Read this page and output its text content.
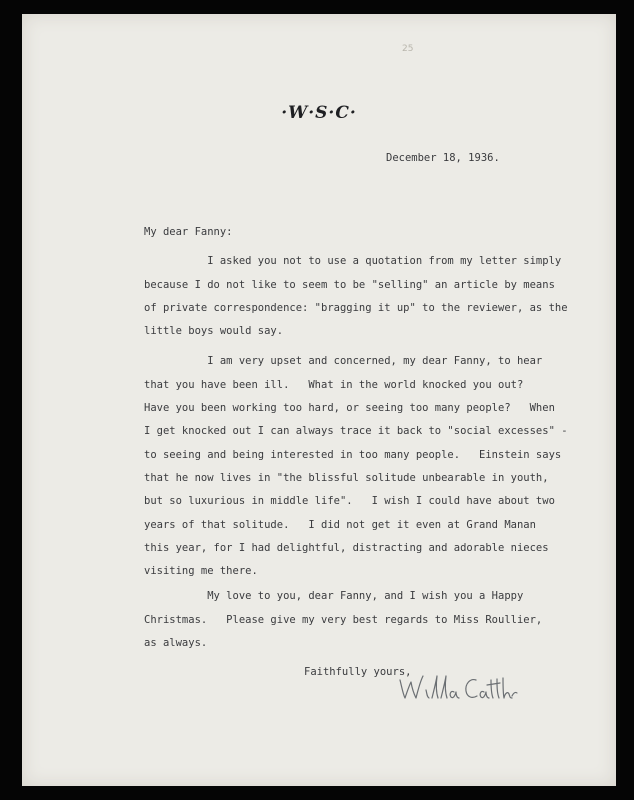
25
·W·S·C·
December 18, 1936.
My dear Fanny:
I asked you not to use a quotation from my letter simply
because I do not like to seem to be "selling" an article by means
of private correspondence: "bragging it up" to the reviewer, as the
little boys would say.
I am very upset and concerned, my dear Fanny, to hear
that you have been ill.   What in the world knocked you out?
Have you been working too hard, or seeing too many people?   When
I get knocked out I can always trace it back to "social excesses" -
to seeing and being interested in too many people.   Einstein says
that he now lives in "the blissful solitude unbearable in youth,
but so luxurious in middle life".   I wish I could have about two
years of that solitude.   I did not get it even at Grand Manan
this year, for I had delightful, distracting and adorable nieces
visiting me there.
My love to you, dear Fanny, and I wish you a Happy
Christmas.   Please give my very best regards to Miss Roullier,
as always.
Faithfully yours,
